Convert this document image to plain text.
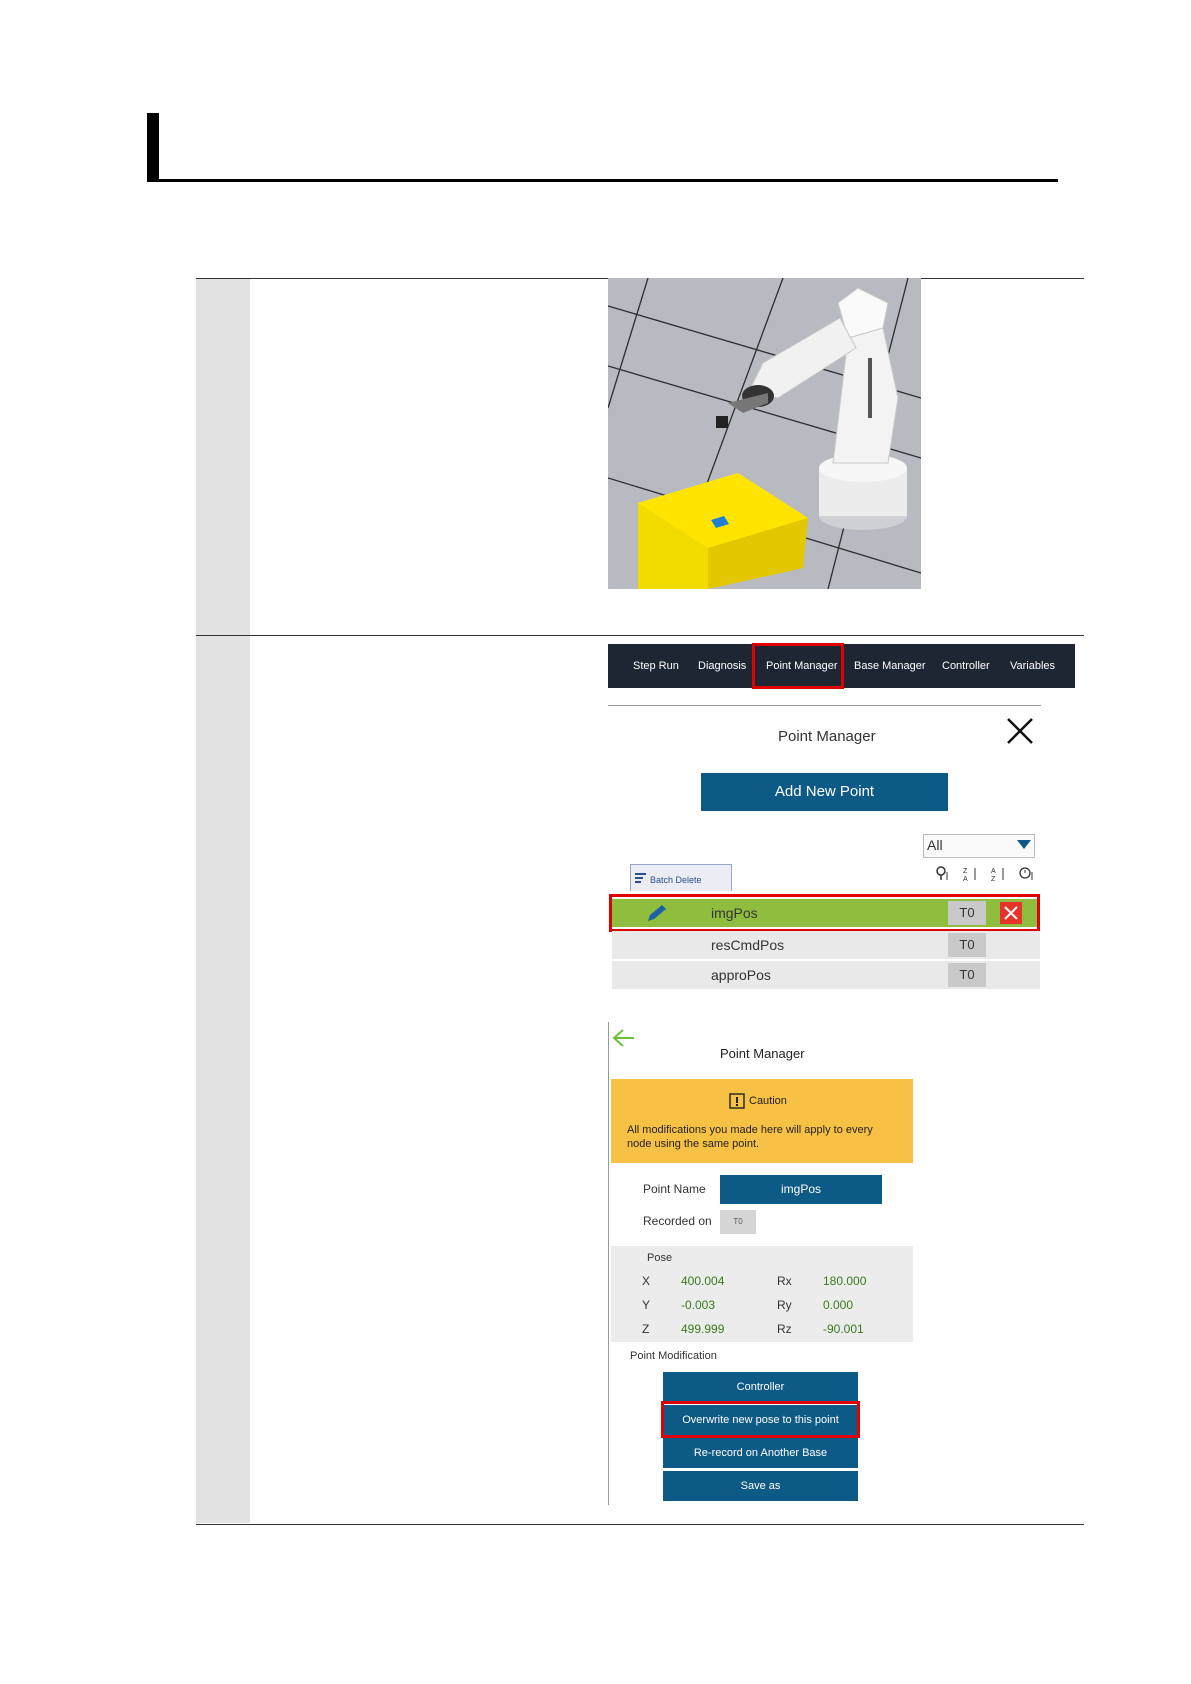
Step Run Diagnosis Point Manager Base Manager Controller Variables
Point Manager
Add New Point
All
Batch Delete
Z
A
A
Z
imgPos	T0
resCmdPos	T0
approPos	T0
Point Manager
Caution
All modifications you made here will apply to every node using the same point.
Point Name	imgPos
Recorded on	T0
Pose
X	400.004	Rx	180.000
Y	-0.003	Ry	0.000
Z	499.999	Rz	-90.001
Point Modification
Controller
Overwrite new pose to this point
Re-record on Another Base
Save as
